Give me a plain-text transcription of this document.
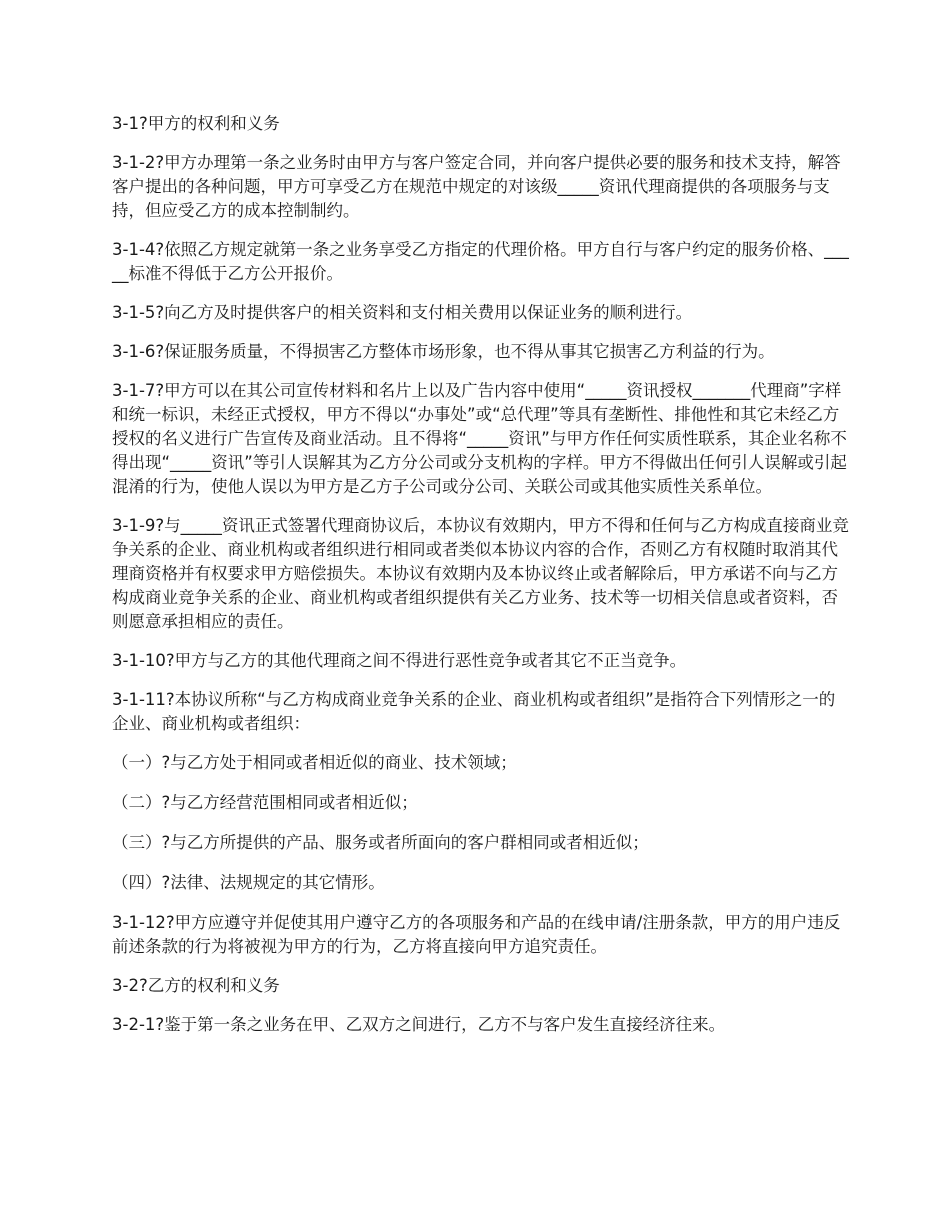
3-1?甲方的权利和义务

3-1-2?甲方办理第一条之业务时由甲方与客户签定合同，并向客户提供必要的服务和技术支持，解答客户提出的各种问题，甲方可享受乙方在规范中规定的对该级_____资讯代理商提供的各项服务与支持，但应受乙方的成本控制制约。

3-1-4?依照乙方规定就第一条之业务享受乙方指定的代理价格。甲方自行与客户约定的服务价格、_____标准不得低于乙方公开报价。

3-1-5?向乙方及时提供客户的相关资料和支付相关费用以保证业务的顺利进行。

3-1-6?保证服务质量，不得损害乙方整体市场形象，也不得从事其它损害乙方利益的行为。

3-1-7?甲方可以在其公司宣传材料和名片上以及广告内容中使用“_____资讯授权_______代理商”字样和统一标识，未经正式授权，甲方不得以“办事处”或“总代理”等具有垄断性、排他性和其它未经乙方授权的名义进行广告宣传及商业活动。且不得将“_____资讯”与甲方作任何实质性联系，其企业名称不得出现“_____资讯”等引人误解其为乙方分公司或分支机构的字样。甲方不得做出任何引人误解或引起混淆的行为，使他人误以为甲方是乙方子公司或分公司、关联公司或其他实质性关系单位。

3-1-9?与_____资讯正式签署代理商协议后，本协议有效期内，甲方不得和任何与乙方构成直接商业竞争关系的企业、商业机构或者组织进行相同或者类似本协议内容的合作，否则乙方有权随时取消其代理商资格并有权要求甲方赔偿损失。本协议有效期内及本协议终止或者解除后，甲方承诺不向与乙方构成商业竞争关系的企业、商业机构或者组织提供有关乙方业务、技术等一切相关信息或者资料，否则愿意承担相应的责任。

3-1-10?甲方与乙方的其他代理商之间不得进行恶性竞争或者其它不正当竞争。

3-1-11?本协议所称“与乙方构成商业竞争关系的企业、商业机构或者组织”是指符合下列情形之一的企业、商业机构或者组织：

（一）?与乙方处于相同或者相近似的商业、技术领域；

（二）?与乙方经营范围相同或者相近似；

（三）?与乙方所提供的产品、服务或者所面向的客户群相同或者相近似；

（四）?法律、法规规定的其它情形。

3-1-12?甲方应遵守并促使其用户遵守乙方的各项服务和产品的在线申请/注册条款，甲方的用户违反前述条款的行为将被视为甲方的行为，乙方将直接向甲方追究责任。

3-2?乙方的权利和义务

3-2-1?鉴于第一条之业务在甲、乙双方之间进行，乙方不与客户发生直接经济往来。
